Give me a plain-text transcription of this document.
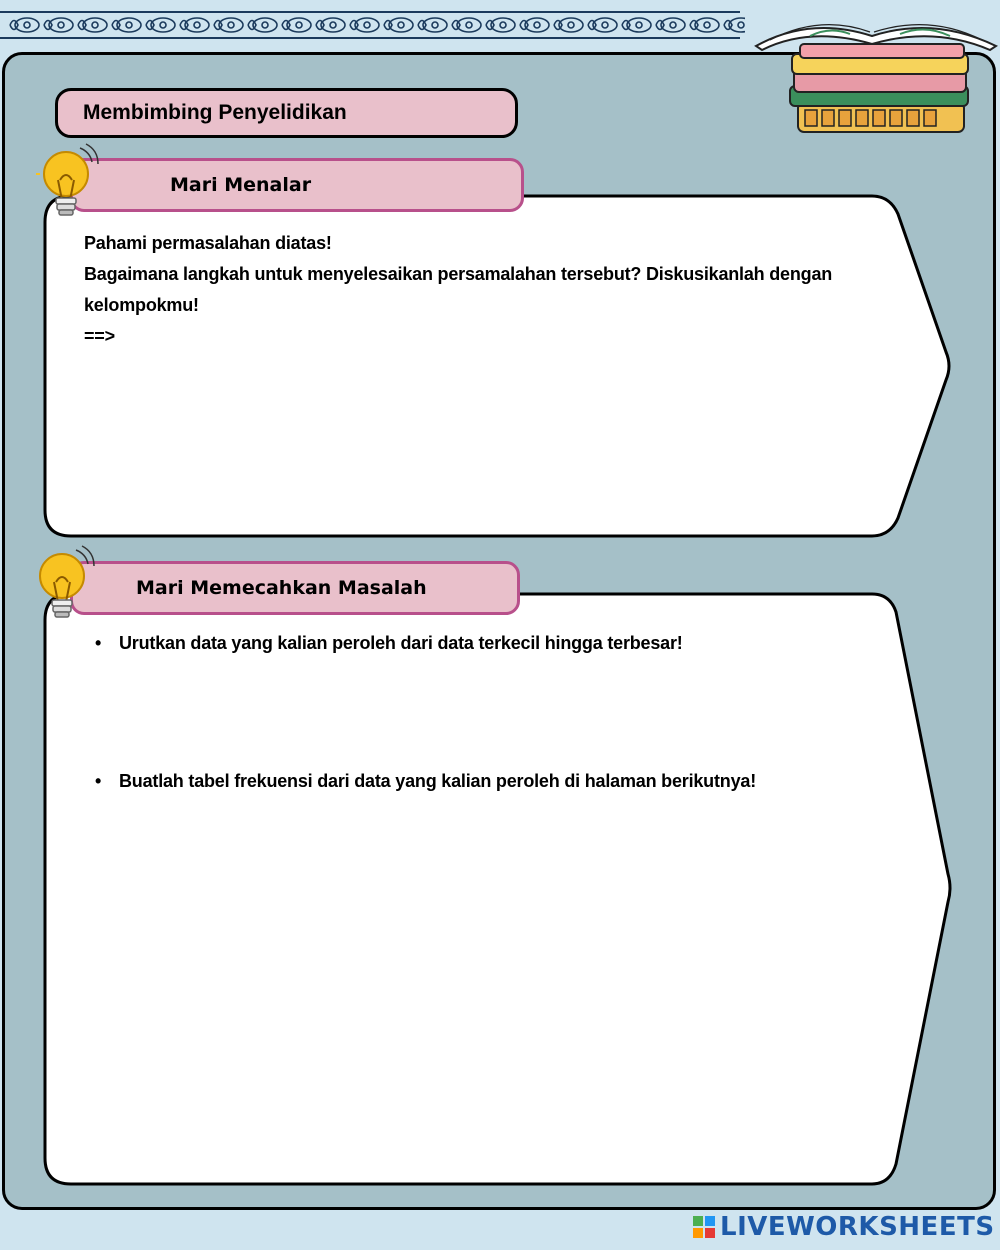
Membimbing Penyelidikan
Mari Menalar

Pahami permasalahan diatas!

Bagaimana langkah untuk menyelesaikan persamalahan tersebut? Diskusikanlah dengan

kelompokmu!

==>

Mari Memecahkan Masalah
• Urutkan data yang kalian peroleh dari data terkecil hingga terbesar!
• Buatlah tabel frekuensi dari data yang kalian peroleh di halaman berikutnya!
LIVEWORKSHEETS
